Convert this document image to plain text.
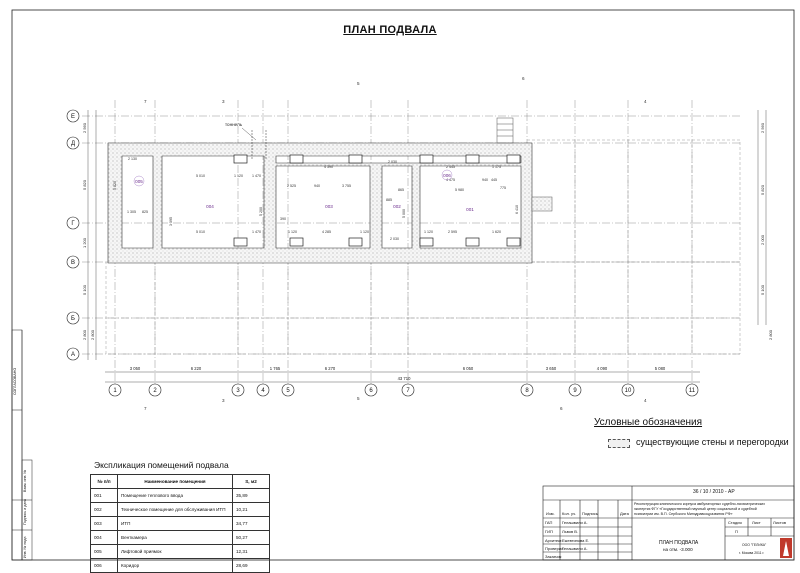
ПЛАН ПОДВАЛА
1	2	3	4	5	6	7	8	9	10	11
Е
Д
Г
В
Б
А
3 050	6 220	1 765	6 270	6 050	3 650	4 090	5 080
43 710
2 560
5 820
1 200
5 100
2 800 2 800
2 560
5 820
2 000
5 100
2 800
2 130
5 010	1 120	1 470
4 390
2 525	940	3 755
2 030
2 445	1 175
4 475
5 980
940 445
775
865
1 305 825
3 395
5 200
5 010	1 470	1 120	4 285	1 120
2 030
1 120	2 595	1 620
5 000	6 410
5 820
885
390
005
004	003	002
001
006
7	3
5
6
4
7
3	5
6
4
тоннель
Условные обозначения
существующие стены и перегородки
Экспликация помещений подвала
№ п/п	Наименование помещения	S, м2
001	Помещение теплового ввода	35,89
002	Техническое помещение для обслуживания ИТП	10,21
003	ИТП	34,77
004	Венткамера	50,27
005	Лифтовой приямок	12,31
006	Коридор	28,69
36 / 10 / 2010 - АР
Реконструкция клинического корпуса амбулаторных судебно-психиатрических
экспертиз ФГУ «Государственный научный центр социальной и судебной
психиатрии им. В.П. Сербского Минздравсоцразвития РФ»
Изм. Кол. уч. Подпись	Дата
ГАП Гелашвили А.
ГИП Львов В.
Архитект. Ежевтинова Е.
Проверил
Гелашвили А.
Заказчик
ПЛАН ПОДВАЛА
на отм. -3.000
Стадия	Лист	Листов
П
ООО "ГЕЛИКА"
г. Москва 2011 г.
СОГЛАСОВАНО
Взам. инв. №
Подпись и дата
Инв. № подл.
